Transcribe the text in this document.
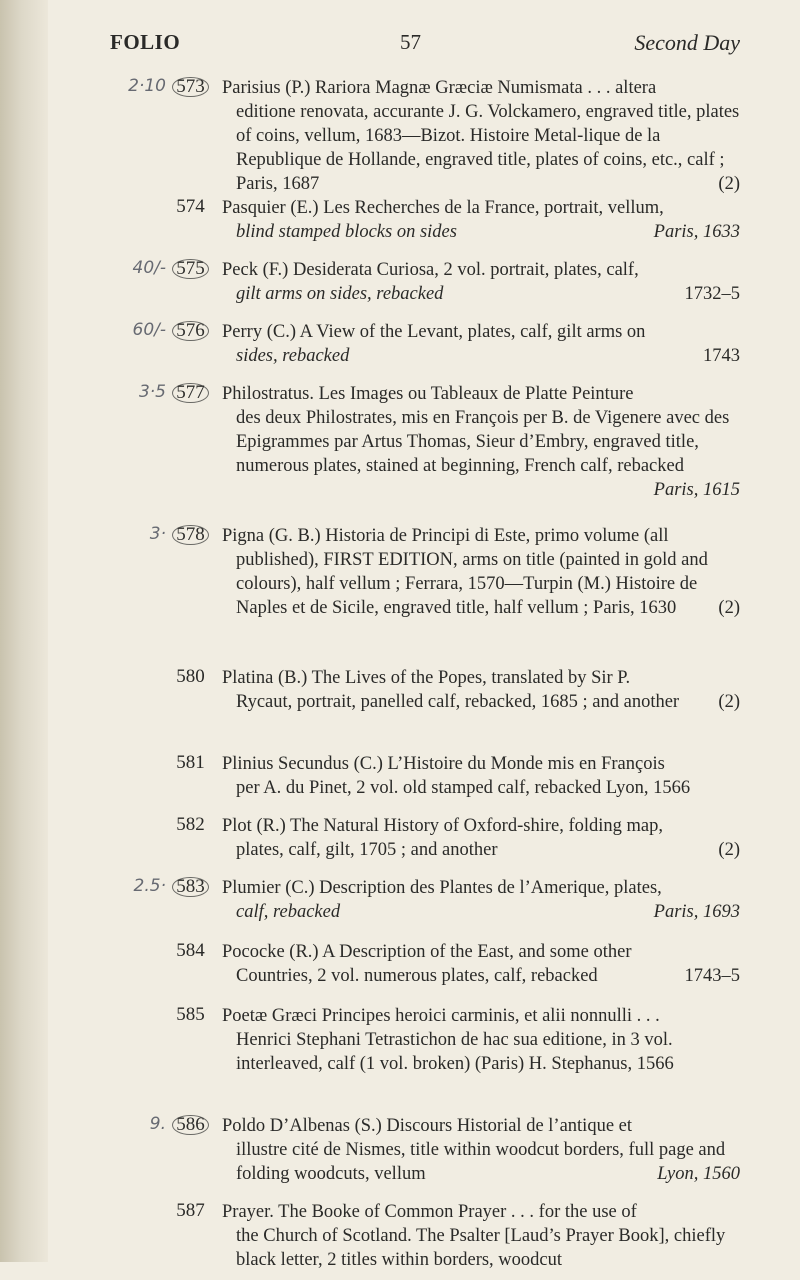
FOLIO	57	Second Day
2·10 573 Parisius (P.) Rariora Magnæ Græciæ Numismata . . . altera
editione renovata, accurante J. G. Volckamero, engraved title, plates of coins, vellum, 1683—Bizot. Histoire Metal-lique de la Republique de Hollande, engraved title, plates of coins, etc., calf ; Paris, 1687	(2)
574 Pasquier (E.) Les Recherches de la France, portrait, vellum,
blind stamped blocks on sides	Paris, 1633
40/- 575 Peck (F.) Desiderata Curiosa, 2 vol. portrait, plates, calf,
gilt arms on sides, rebacked	1732–5
60/- 576 Perry (C.) A View of the Levant, plates, calf, gilt arms on
sides, rebacked	1743
3·5 577 Philostratus. Les Images ou Tableaux de Platte Peinture
des deux Philostrates, mis en François per B. de Vigenere avec des Epigrammes par Artus Thomas, Sieur d’Embry, engraved title, numerous plates, stained at beginning, French calf, rebacked
Paris, 1615
3· 578 Pigna (G. B.) Historia de Principi di Este, primo volume (all
published), FIRST EDITION, arms on title (painted in gold and colours), half vellum ; Ferrara, 1570—Turpin (M.) Histoire de Naples et de Sicile, engraved title, half vellum ; Paris, 1630 (2)
580 Platina (B.) The Lives of the Popes, translated by Sir P.
Rycaut, portrait, panelled calf, rebacked, 1685 ; and another (2)
581 Plinius Secundus (C.) L’Histoire du Monde mis en François
per A. du Pinet, 2 vol. old stamped calf, rebacked Lyon, 1566
582 Plot (R.) The Natural History of Oxford-shire, folding map,
plates, calf, gilt, 1705 ; and another	(2)
2.5· 583 Plumier (C.) Description des Plantes de l’Amerique, plates,
calf, rebacked	Paris, 1693
584 Pococke (R.) A Description of the East, and some other
Countries, 2 vol. numerous plates, calf, rebacked	1743–5
585 Poetæ Græci Principes heroici carminis, et alii nonnulli . . .
Henrici Stephani Tetrastichon de hac sua editione, in 3 vol. interleaved, calf (1 vol. broken) (Paris) H. Stephanus, 1566
9. 586 Poldo D’Albenas (S.) Discours Historial de l’antique et
illustre cité de Nismes, title within woodcut borders, full page and folding woodcuts, vellum	Lyon, 1560
587 Prayer. The Booke of Common Prayer . . . for the use of
the Church of Scotland. The Psalter [Laud’s Prayer Book], chiefly black letter, 2 titles within borders, woodcut
